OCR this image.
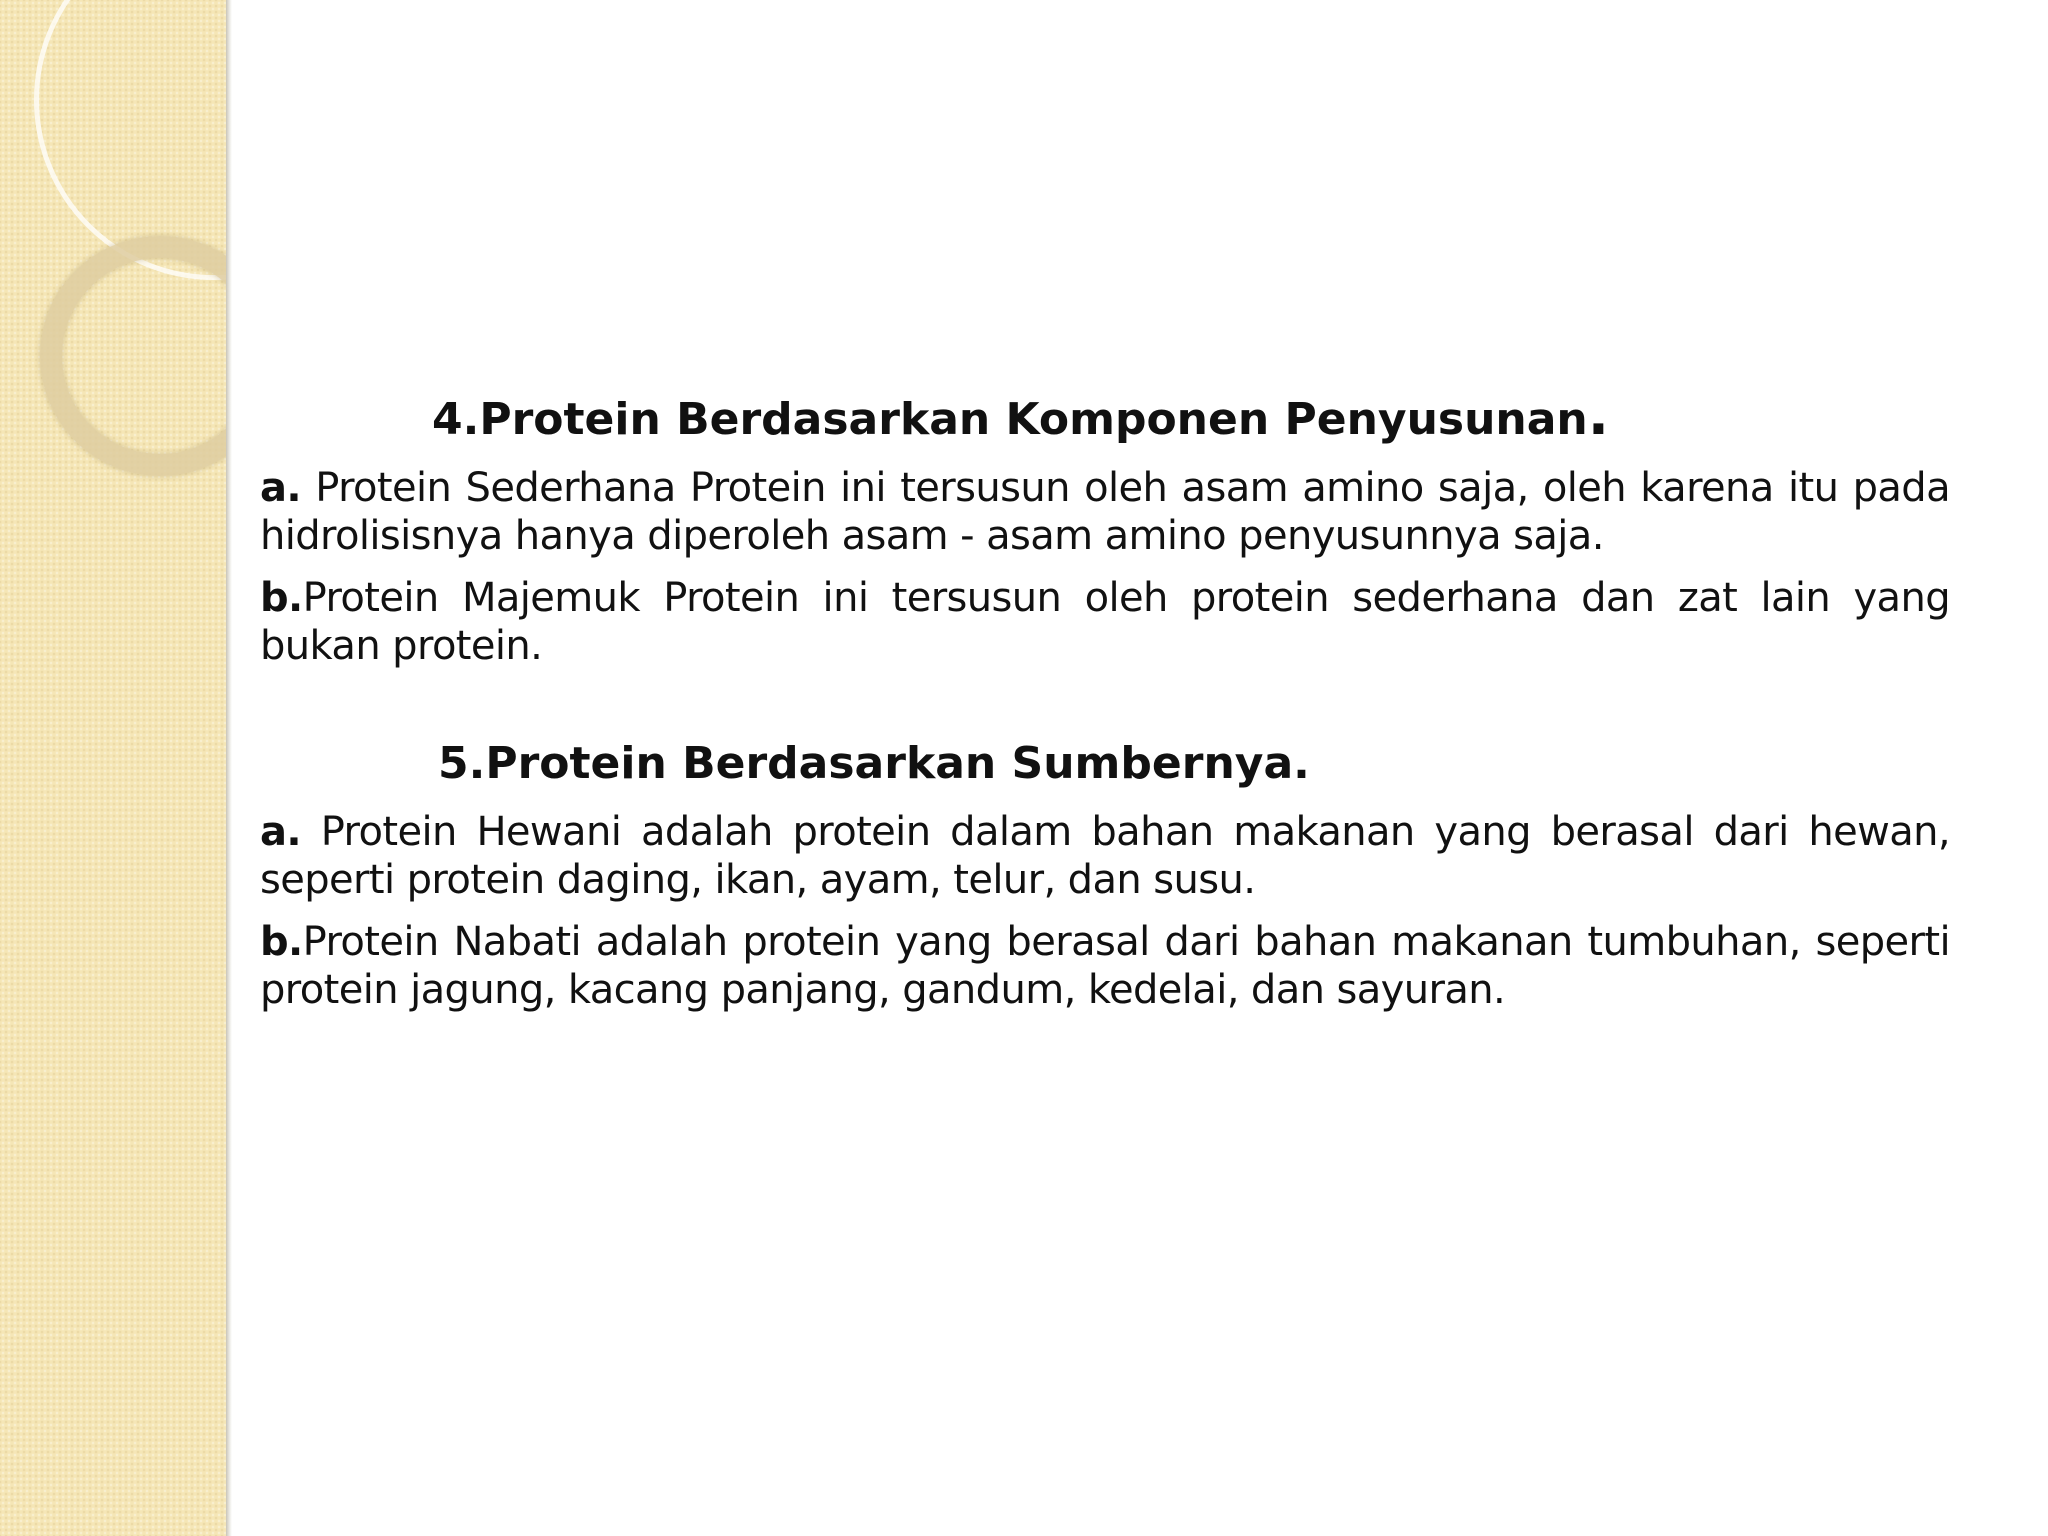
4.Protein Berdasarkan Komponen Penyusunan.

a. Protein Sederhana Protein ini tersusun oleh asam amino saja, oleh karena itu pada hidrolisisnya hanya diperoleh asam - asam amino penyusunnya saja.

b.Protein Majemuk Protein ini tersusun oleh protein sederhana dan zat lain yang bukan protein.

5.Protein Berdasarkan Sumbernya.

a. Protein Hewani adalah protein dalam bahan makanan yang berasal dari hewan, seperti protein daging, ikan, ayam, telur, dan susu.

b.Protein Nabati adalah protein yang berasal dari bahan makanan tumbuhan, seperti protein jagung, kacang panjang, gandum, kedelai, dan sayuran.
